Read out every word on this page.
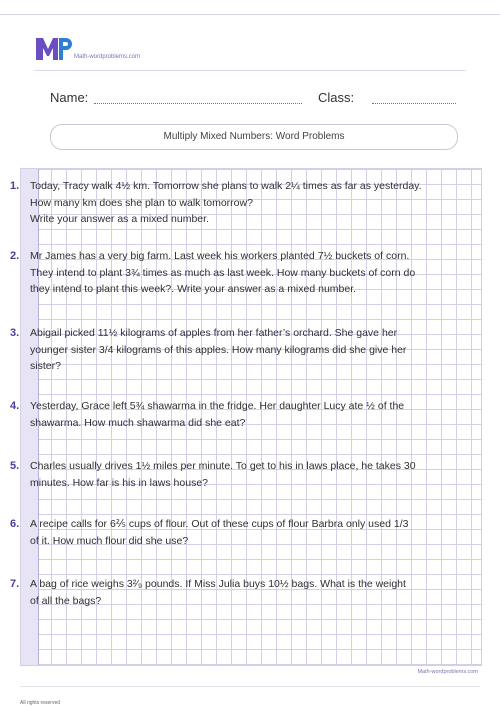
Math-wordproblems.com
Name:	Class:
Multiply Mixed Numbers: Word Problems
1. Today, Tracy walk 4½ km. Tomorrow she plans to walk 2¼ times as far as yesterday.
How many km does she plan to walk tomorrow?
Write your answer as a mixed number.
2. Mr James has a very big farm. Last week his workers planted 7½ buckets of corn.
They intend to plant 3¾ times as much as last week. How many buckets of corn do
they intend to plant this week?. Write your answer as a mixed number.
3. Abigail picked 11½ kilograms of apples from her father’s orchard. She gave her
younger sister 3/4 kilograms of this apples. How many kilograms did she give her
sister?
4. Yesterday, Grace left 5¾ shawarma in the fridge. Her daughter Lucy ate ½ of the
shawarma. How much shawarma did she eat?
5. Charles usually drives 1½ miles per minute. To get to his in laws place, he takes 30
minutes. How far is his in laws house?
6. A recipe calls for 6⅖ cups of flour. Out of these cups of flour Barbra only used 1/3
of it. How much flour did she use?
7. A bag of rice weighs 3²⁄₉ pounds. If Miss Julia buys 10½ bags. What is the weight
of all the bags?
Math-wordproblems.com
All rights reserved
